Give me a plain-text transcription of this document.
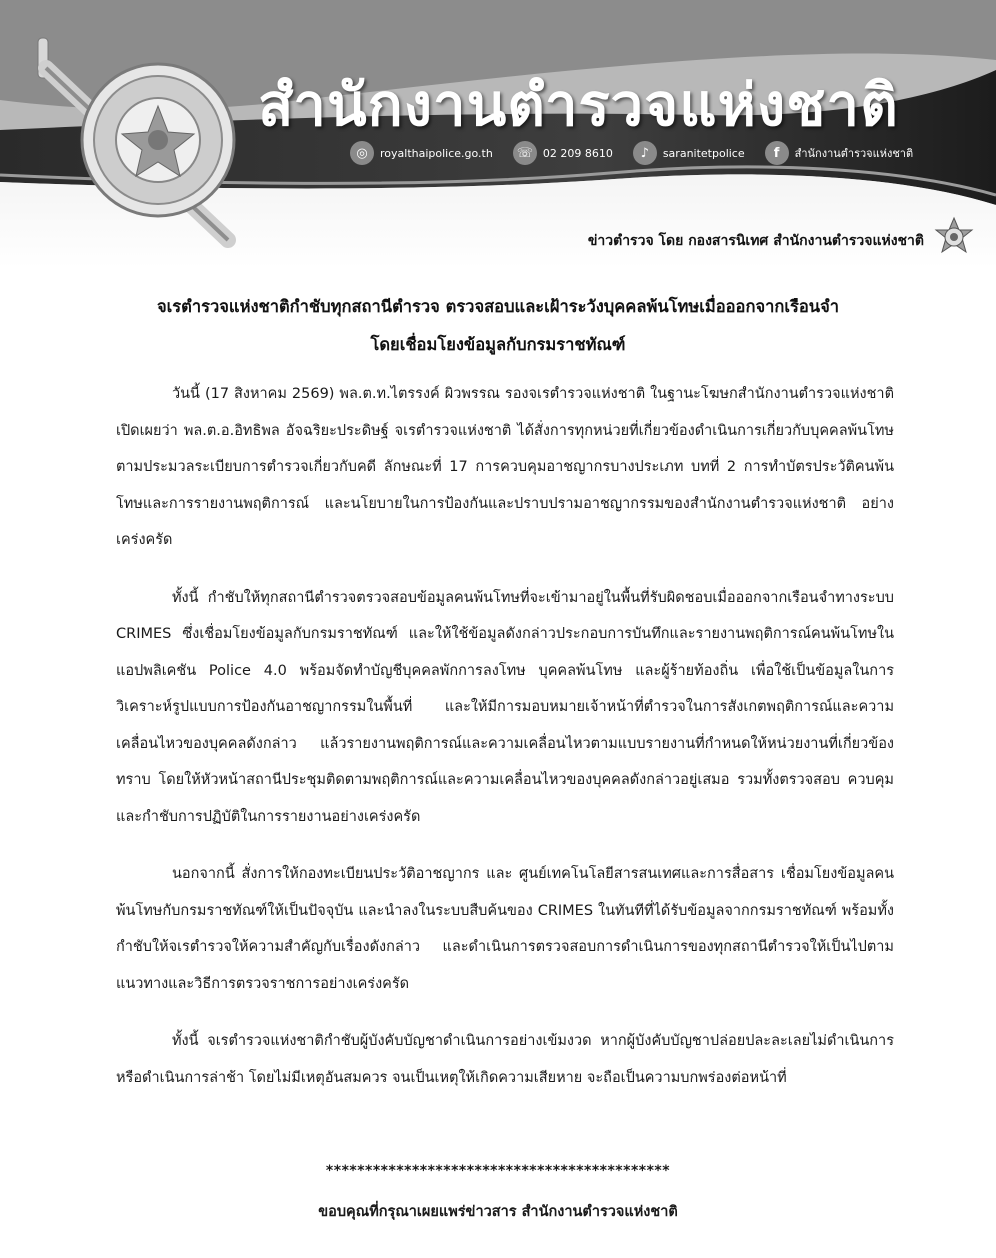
สำนักงานตำรวจแห่งชาติ
◎	royalthaipolice.go.th ☏ 02 209 8610	♪	saranitetpolice	f	สำนักงานตำรวจแห่งชาติ
ข่าวตำรวจ โดย กองสารนิเทศ สำนักงานตำรวจแห่งชาติ
จเรตำรวจแห่งชาติกำชับทุกสถานีตำรวจ ตรวจสอบและเฝ้าระวังบุคคลพ้นโทษเมื่อออกจากเรือนจำ
โดยเชื่อมโยงข้อมูลกับกรมราชทัณฑ์

วันนี้ (17 สิงหาคม 2569) พล.ต.ท.ไตรรงค์ ผิวพรรณ รองจเรตำรวจแห่งชาติ ในฐานะโฆษกสำนักงานตำรวจแห่งชาติ เปิดเผยว่า พล.ต.อ.อิทธิพล อัจฉริยะประดิษฐ์ จเรตำรวจแห่งชาติ ได้สั่งการทุกหน่วยที่เกี่ยวข้องดำเนินการเกี่ยวกับบุคคลพ้นโทษ ตามประมวลระเบียบการตำรวจเกี่ยวกับคดี ลักษณะที่ 17 การควบคุมอาชญากรบางประเภท บทที่ 2 การทำบัตรประวัติคนพ้นโทษและการรายงานพฤติการณ์ และนโยบายในการป้องกันและปราบปรามอาชญากรรมของสำนักงานตำรวจแห่งชาติ อย่างเคร่งครัด

ทั้งนี้ กำชับให้ทุกสถานีตำรวจตรวจสอบข้อมูลคนพ้นโทษที่จะเข้ามาอยู่ในพื้นที่รับผิดชอบเมื่อออกจากเรือนจำทางระบบ CRIMES ซึ่งเชื่อมโยงข้อมูลกับกรมราชทัณฑ์ และให้ใช้ข้อมูลดังกล่าวประกอบการบันทึกและรายงานพฤติการณ์คนพ้นโทษในแอปพลิเคชัน Police 4.0 พร้อมจัดทำบัญชีบุคคลพักการลงโทษ บุคคลพ้นโทษ และผู้ร้ายท้องถิ่น เพื่อใช้เป็นข้อมูลในการวิเคราะห์รูปแบบการป้องกันอาชญากรรมในพื้นที่ และให้มีการมอบหมายเจ้าหน้าที่ตำรวจในการสังเกตพฤติการณ์และความเคลื่อนไหวของบุคคลดังกล่าว แล้วรายงานพฤติการณ์และความเคลื่อนไหวตามแบบรายงานที่กำหนดให้หน่วยงานที่เกี่ยวข้องทราบ โดยให้หัวหน้าสถานีประชุมติดตามพฤติการณ์และความเคลื่อนไหวของบุคคลดังกล่าวอยู่เสมอ รวมทั้งตรวจสอบ ควบคุมและกำชับการปฏิบัติในการรายงานอย่างเคร่งครัด

นอกจากนี้ สั่งการให้กองทะเบียนประวัติอาชญากร และ ศูนย์เทคโนโลยีสารสนเทศและการสื่อสาร เชื่อมโยงข้อมูลคนพ้นโทษกับกรมราชทัณฑ์ให้เป็นปัจจุบัน และนำลงในระบบสืบค้นของ CRIMES ในทันทีที่ได้รับข้อมูลจากกรมราชทัณฑ์ พร้อมทั้งกำชับให้จเรตำรวจให้ความสำคัญกับเรื่องดังกล่าว และดำเนินการตรวจสอบการดำเนินการของทุกสถานีตำรวจให้เป็นไปตามแนวทางและวิธีการตรวจราชการอย่างเคร่งครัด

ทั้งนี้ จเรตำรวจแห่งชาติกำชับผู้บังคับบัญชาดำเนินการอย่างเข้มงวด หากผู้บังคับบัญชาปล่อยปละละเลยไม่ดำเนินการ หรือดำเนินการล่าช้า โดยไม่มีเหตุอันสมควร จนเป็นเหตุให้เกิดความเสียหาย จะถือเป็นความบกพร่องต่อหน้าที่

********************************************
ขอบคุณที่กรุณาเผยแพร่ข่าวสาร สำนักงานตำรวจแห่งชาติ
